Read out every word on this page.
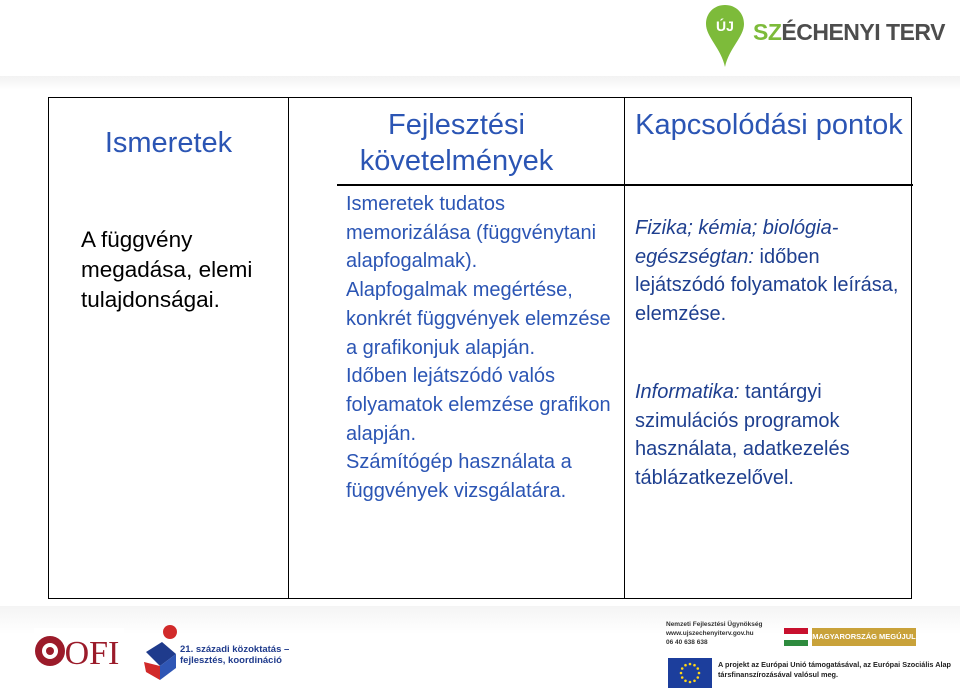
ÚJ SZÉCHENYI TERV
Ismeretek
A függvény megadása, elemi tulajdonságai.
Fejlesztési követelmények

Ismeretek tudatos memorizálása (függvénytani alapfogalmak).

Alapfogalmak megértése, konkrét függvények elemzése a grafikonjuk alapján.

Időben lejátszódó valós folyamatok elemzése grafikon alapján.

Számítógép használata a függvények vizsgálatára.

Kapcsolódási pontok

Fizika; kémia; biológia-egészségtan: időben lejátszódó folyamatok leírása, elemzése.

Informatika: tantárgyi szimulációs programok használata, adatkezelés táblázatkezelővel.

OFI	21. századi közoktatás –
fejlesztés, koordináció
Nemzeti Fejlesztési Ügynökség
www.ujszechenyiterv.gov.hu
06 40 638 638
MAGYARORSZÁG MEGÚJUL
A projekt az Európai Unió támogatásával, az Európai Szociális Alap társfinanszírozásával valósul meg.
